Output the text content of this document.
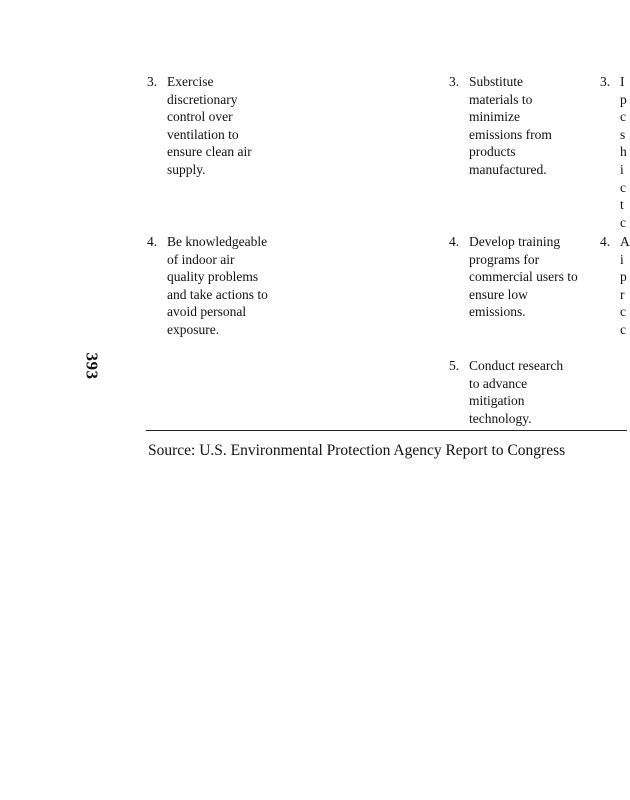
3. Exercise
discretionary
control over
ventilation to
ensure clean air
supply.
4. Be knowledgeable
of indoor air
quality problems
and take actions to
avoid personal
exposure.
3. Substitute
materials to
minimize
emissions from
products
manufactured.
4. Develop training
programs for
commercial users to
ensure low
emissions.
5. Conduct research
to advance
mitigation
technology.
3. I
p
c
s
h
i
c
t
c
4. A
i
p
r
c
c
393
Source: U.S. Environmental Protection Agency Report to Congress
